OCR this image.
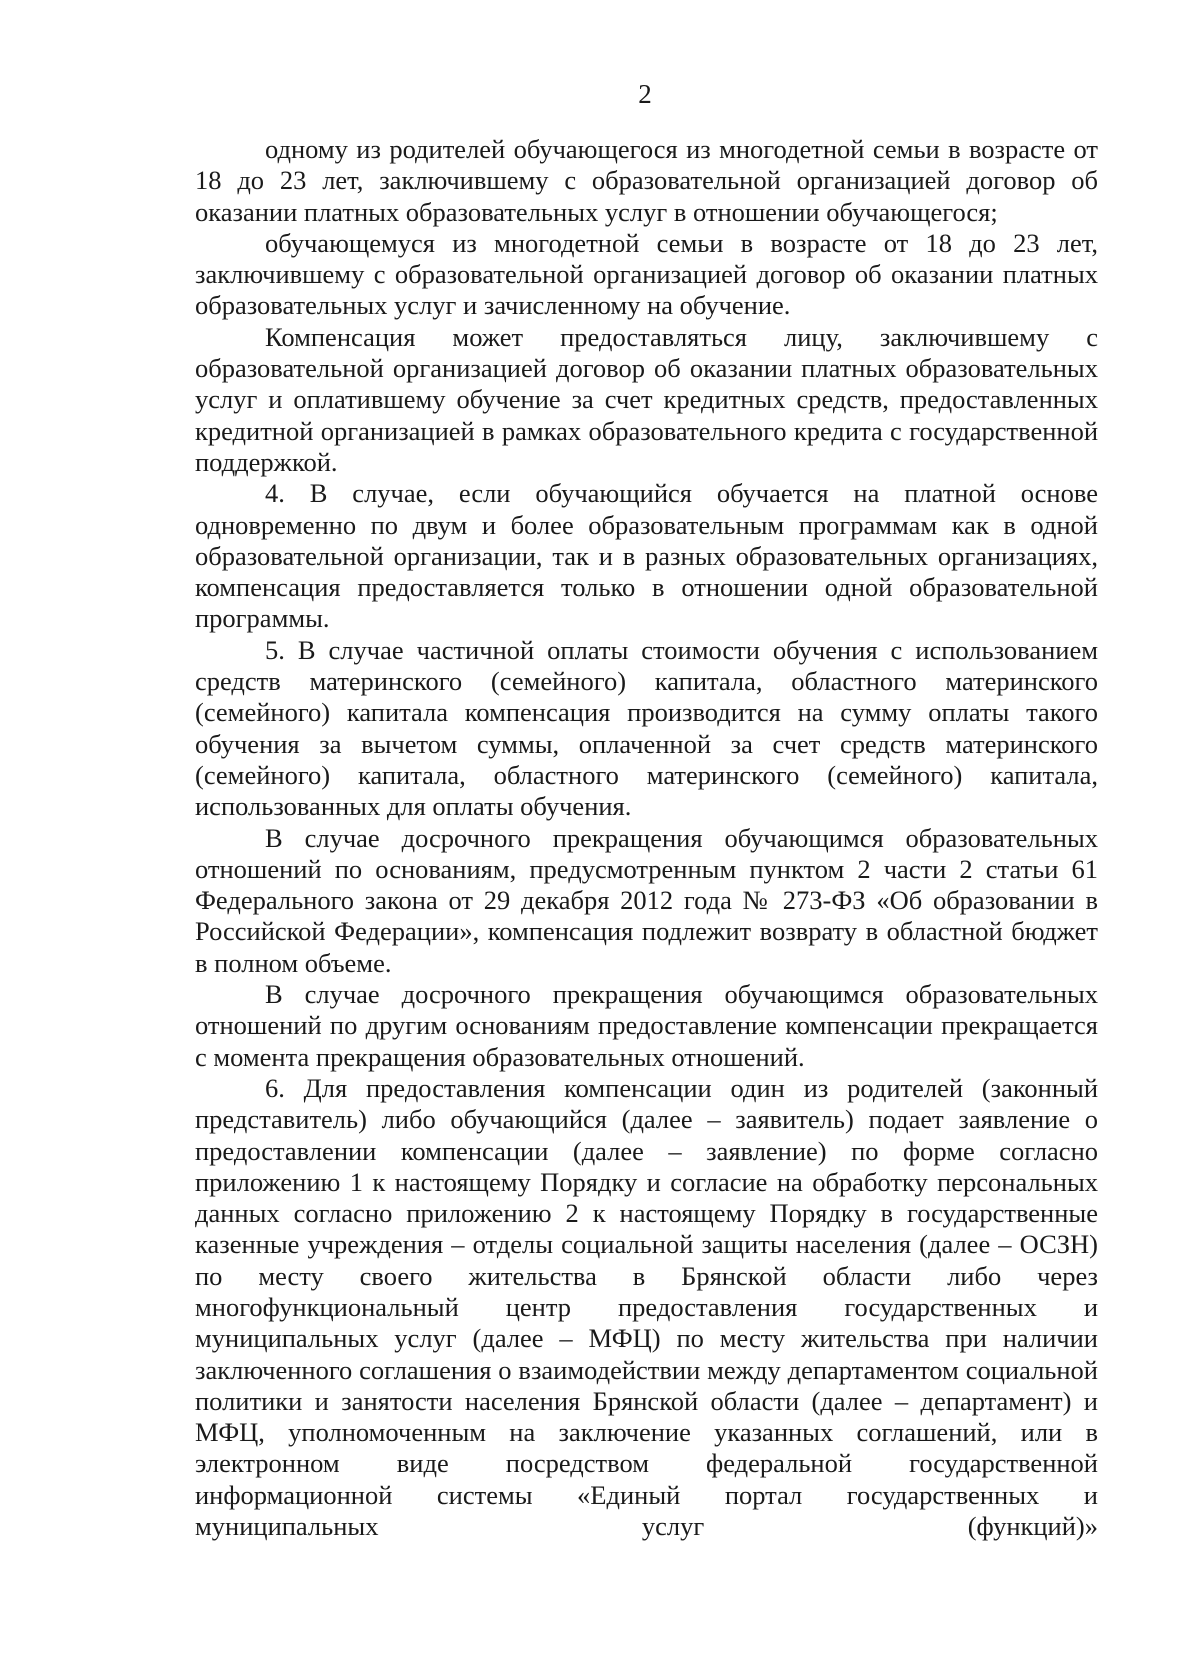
2

одному из родителей обучающегося из многодетной семьи в возрасте от 18 до 23 лет, заключившему с образовательной организацией договор об оказании платных образовательных услуг в отношении обучающегося;

обучающемуся из многодетной семьи в возрасте от 18 до 23 лет, заключившему с образовательной организацией договор об оказании платных образовательных услуг и зачисленному на обучение.

Компенсация может предоставляться лицу, заключившему с образовательной организацией договор об оказании платных образовательных услуг и оплатившему обучение за счет кредитных средств, предоставленных кредитной организацией в рамках образовательного кредита с государственной поддержкой.

4. В случае, если обучающийся обучается на платной основе одновременно по двум и более образовательным программам как в одной образовательной организации, так и в разных образовательных организациях, компенсация предоставляется только в отношении одной образовательной программы.

5. В случае частичной оплаты стоимости обучения с использованием средств материнского (семейного) капитала, областного материнского (семейного) капитала компенсация производится на сумму оплаты такого обучения за вычетом суммы, оплаченной за счет средств материнского (семейного) капитала, областного материнского (семейного) капитала, использованных для оплаты обучения.

В случае досрочного прекращения обучающимся образовательных отношений по основаниям, предусмотренным пунктом 2 части 2 статьи 61 Федерального закона от 29 декабря 2012 года № 273-ФЗ «Об образовании в Российской Федерации», компенсация подлежит возврату в областной бюджет в полном объеме.

В случае досрочного прекращения обучающимся образовательных отношений по другим основаниям предоставление компенсации прекращается с момента прекращения образовательных отношений.

6. Для предоставления компенсации один из родителей (законный представитель) либо обучающийся (далее – заявитель) подает заявление о предоставлении компенсации (далее – заявление) по форме согласно приложению 1 к настоящему Порядку и согласие на обработку персональных данных согласно приложению 2 к настоящему Порядку в государственные казенные учреждения – отделы социальной защиты населения (далее – ОСЗН) по месту своего жительства в Брянской области либо через многофункциональный центр предоставления государственных и муниципальных услуг (далее – МФЦ) по месту жительства при наличии заключенного соглашения о взаимодействии между департаментом социальной политики и занятости населения Брянской области (далее – департамент) и МФЦ, уполномоченным на заключение указанных соглашений, или в электронном виде посредством федеральной государственной информационной системы «Единый портал государственных и муниципальных услуг (функций)»
